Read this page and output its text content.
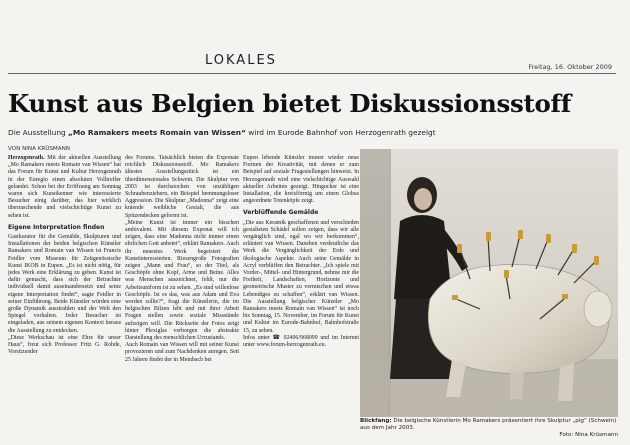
LOKALES	Freitag, 16. Oktober 2009
Kunst aus Belgien bietet Diskussionsstoff
Die Ausstellung „Mo Ramakers meets Romain van Wissen“ wird im Eurode Bahnhof von Herzogenrath gezeigt
VON NINA KRÜSMANN

Herzogenrath. Mit der aktuellen Ausstellung „Mo Ramakers meets Romain van Wissen“ hat das Forum für Kunst und Kultur Herzogenrath in der Euregio einen absoluten Volltreffer gelandet. Schon bei der Eröffnung am Sonntag waren sich Kunstkenner wie interessierte Besucher einig darüber, das hier wirklich überraschende und vielschichtige Kunst zu sehen ist.

Eigene Interpretation finden

Gastkurator für die Gemälde, Skulpturen und Installationen der beiden belgischen Künstler Ramakers und Romain van Wissen ist Francis Feidler vom Museum für Zeitgenössische Kunst IKOB in Eupen. „Es ist nicht nötig, für jedes Werk eine Erklärung zu geben. Kunst ist dafür gemacht, dass sich der Betrachter individuell damit auseinandersetzt und seine eigene Interpretation findet“, sagte Feidler in seiner Einführung. Beide Künstler würden eine große Dynamik ausstrahlen und der Welt den Spiegel vorhalten. Jeder Besucher ist eingeladen, aus seinem eigenen Kontext heraus die Ausstellung zu entdecken.

„Diese Werkschau ist eine Ehre für unser Haus“, freut sich Professor Fritz G. Rohde, Vorsitzender

des Forums. Tatsächlich bieten die Exponate reichlich Diskussionsstoff. Mo Ramakers ältestes Ausstellungsstück ist ein überdimensionales Schwein. Die Skulptur von 2003 ist durchstochen von unzähligen Schraubenziehern, ein Beispiel hemmungsloser Aggression. Die Skulptur „Madonna“ zeigt eine kniende weibliche Gestalt, die aus Spitzendecken geformt ist.

„Meine Kunst ist immer ein bisschen ambivalent. Mit diesem Exponat will ich zeigen, dass eine Madonna nicht immer einen ehrlichen Gott anbetet“, erklärt Ramakers. Auch ihr neuestes Werk begeistert die Kunstinteressierten. Riesengroße Fotografien zeigen „Mann und Frau“, so der Titel, als Geschöpfe ohne Kopf, Arme und Beine. Alles was Menschen auszeichnet, fehlt, nur die Arbeitsuniform ist zu sehen. „Es sind willenlose Geschöpfe. Ist es das, was aus Adam und Eva werden sollte?“, fragt die Künstlerin, die im belgischen Bilzen lebt und mit ihrer Arbeit Fragen stellen sowie soziale Missstände aufzeigen will. Die Rückseite der Fotos zeigt hinter Plexiglas verborgen die abstrakte Darstellung des menschlichen Urzustands.

Auch Romain van Wissen will mit seiner Kunst provozieren und zum Nachdenken anregen. Seit 25 Jahren findet der in Membach bei

Eupen lebende Künstler immer wieder neue Formen der Kreativität, mit denen er zum Beispiel auf soziale Fragestellungen hinweist. In Herzogenrath wird eine vielschichtige Auswahl aktueller Arbeiten gezeigt. Hingucker ist eine Installation, die kreisförmig um einen Globus angeordnete Totenköpfe zeigt.

Verblüffende Gemälde

„Die aus Keramik geschaffenen und verschieden gestalteten Schädel sollen zeigen, dass wir alle vergänglich sind, egal wo wir herkommen“, erläutert van Wissen. Daneben verdeutliche das Werk die Vergänglichkeit der Erde und ökologische Aspekte. Auch seine Gemälde in Acryl verblüffen den Betrachter. „Ich spiele mit Vorder-, Mittel- und Hintergrund, nehme mir die Freiheit, Landschaften, Horizonte und geometrische Muster zu vermischen und etwas Lebendiges zu schaffen“, erklärt van Wissen. Die Ausstellung belgischer Künstler „Mo Ramakers meets Romain van Wissen“ ist noch bis Sonntag, 15. November, im Forum für Kunst und Kultur im Eurode-Bahnhof, Bahnhofstraße 15, zu sehen.

Infos unter ☎ 02406/968099 und im Internet unter www.forum-herzogenrath.eu.

Blickfang: Die belgische Künstlerin Mo Ramakers präsentiert ihre Skulptur „pig“ (Schwein) aus dem Jahr 2003.
Foto: Nina Krüsmann
